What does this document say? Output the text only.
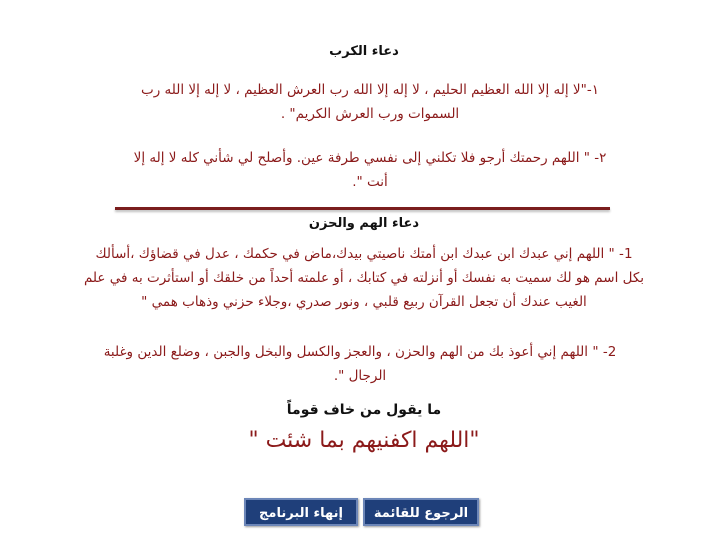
دعاء الكرب
١-"لا إله إلا الله العظيم الحليم ، لا إله إلا الله رب العرش العظيم ، لا إله إلا الله رب
السموات ورب العرش الكريم" .
٢- " اللهم رحمتك أرجو فلا تكلني إلى نفسي طرفة عين. وأصلح لي شأني كله لا إله إلا
أنت ".
دعاء الهم والحزن
1- " اللهم إني عبدك ابن عبدك ابن أمتك ناصيتي بيدك،ماض في حكمك ، عدل في قضاؤك ،أسألك
بكل اسم هو لك سميت به نفسك أو أنزلته في كتابك ، أو علمته أحداً من خلقك أو استأثرت به في علم
الغيب عندك أن تجعل القرآن ربيع قلبي ، ونور صدري ،وجلاء حزني وذهاب همي "
2- " اللهم إني أعوذ بك من الهم والحزن ، والعجز والكسل والبخل والجبن ، وضلع الدين وغلبة
الرجال ".
ما يقول من خاف قوماً
"اللهم اكفنيهم بما شئت "
الرجوع للقائمة
إنهاء البرنامج
